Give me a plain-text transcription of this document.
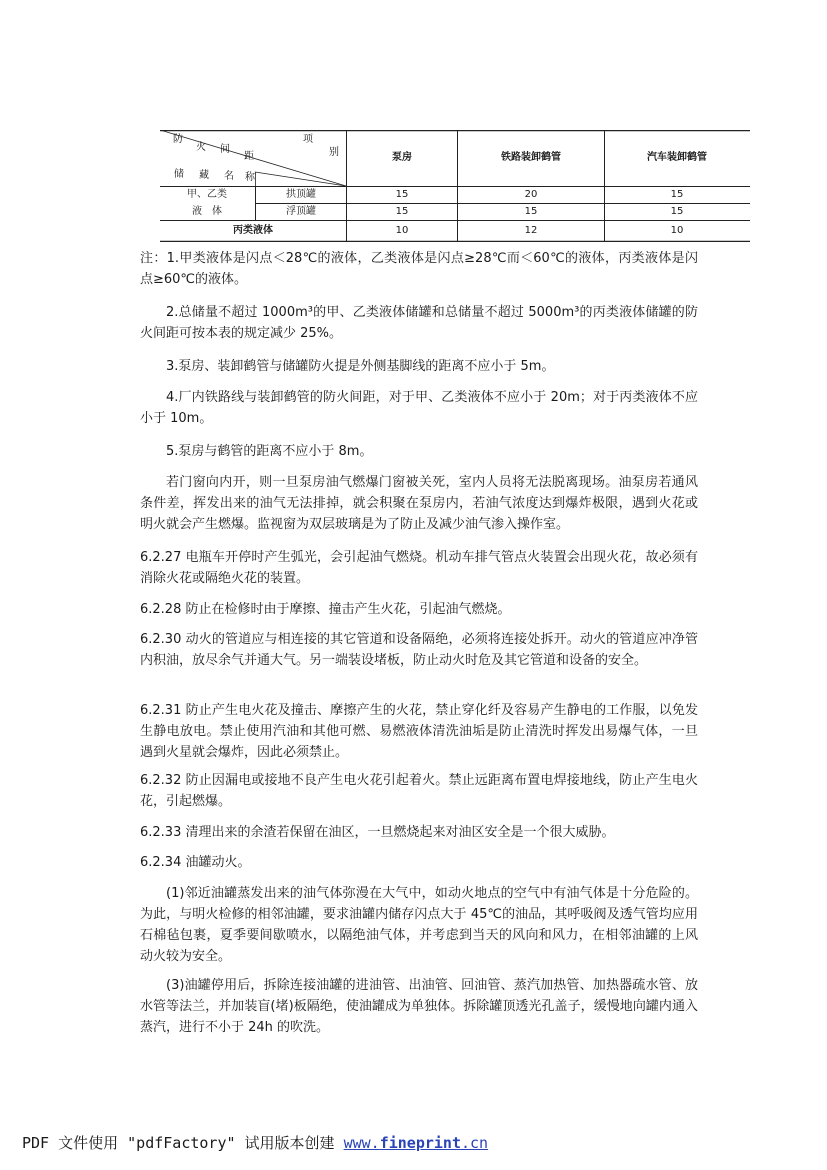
项
别
防
火 间
距
储 藏 名 称
泵房	铁路装卸鹤管	汽车装卸鹤管
甲、乙类
液　体
拱顶罐	15	20	15
浮顶罐	15	15	15
丙类液体	10	12	10

注：1.甲类液体是闪点＜28℃的液体，乙类液体是闪点≥28℃而＜60℃的液体，丙类液体是闪点≥60℃的液体。

2.总储量不超过 1000m³的甲、乙类液体储罐和总储量不超过 5000m³的丙类液体储罐的防火间距可按本表的规定减少 25%。

3.泵房、装卸鹤管与储罐防火提是外侧基脚线的距离不应小于 5m。

4.厂内铁路线与装卸鹤管的防火间距，对于甲、乙类液体不应小于 20m；对于丙类液体不应小于 10m。

5.泵房与鹤管的距离不应小于 8m。

若门窗向内开，则一旦泵房油气燃爆门窗被关死，室内人员将无法脱离现场。油泵房若通风条件差，挥发出来的油气无法排掉，就会积聚在泵房内，若油气浓度达到爆炸极限，遇到火花或明火就会产生燃爆。监视窗为双层玻璃是为了防止及减少油气渗入操作室。

6.2.27 电瓶车开停时产生弧光，会引起油气燃烧。机动车排气管点火装置会出现火花，故必须有消除火花或隔绝火花的装置。

6.2.28 防止在检修时由于摩擦、撞击产生火花，引起油气燃烧。

6.2.30 动火的管道应与相连接的其它管道和设备隔绝，必须将连接处拆开。动火的管道应冲净管内积油，放尽余气并通大气。另一端装设堵板，防止动火时危及其它管道和设备的安全。

6.2.31 防止产生电火花及撞击、摩擦产生的火花，禁止穿化纤及容易产生静电的工作服，以免发生静电放电。禁止使用汽油和其他可燃、易燃液体清洗油垢是防止清洗时挥发出易爆气体，一旦遇到火星就会爆炸，因此必须禁止。

6.2.32 防止因漏电或接地不良产生电火花引起着火。禁止远距离布置电焊接地线，防止产生电火花，引起燃爆。

6.2.33 清理出来的余渣若保留在油区，一旦燃烧起来对油区安全是一个很大威胁。

6.2.34 油罐动火。

(1)邻近油罐蒸发出来的油气体弥漫在大气中，如动火地点的空气中有油气体是十分危险的。为此，与明火检修的相邻油罐，要求油罐内储存闪点大于 45℃的油品，其呼吸阀及透气管均应用石棉毡包裹，夏季要间歇喷水，以隔绝油气体，并考虑到当天的风向和风力，在相邻油罐的上风动火较为安全。

(3)油罐停用后，拆除连接油罐的进油管、出油管、回油管、蒸汽加热管、加热器疏水管、放水管等法兰，并加装盲(堵)板隔绝，使油罐成为单独体。拆除罐顶透光孔盖子，缓慢地向罐内通入蒸汽，进行不小于 24h 的吹洗。

PDF 文件使用 "pdfFactory" 试用版本创建 www.fineprint.cn
